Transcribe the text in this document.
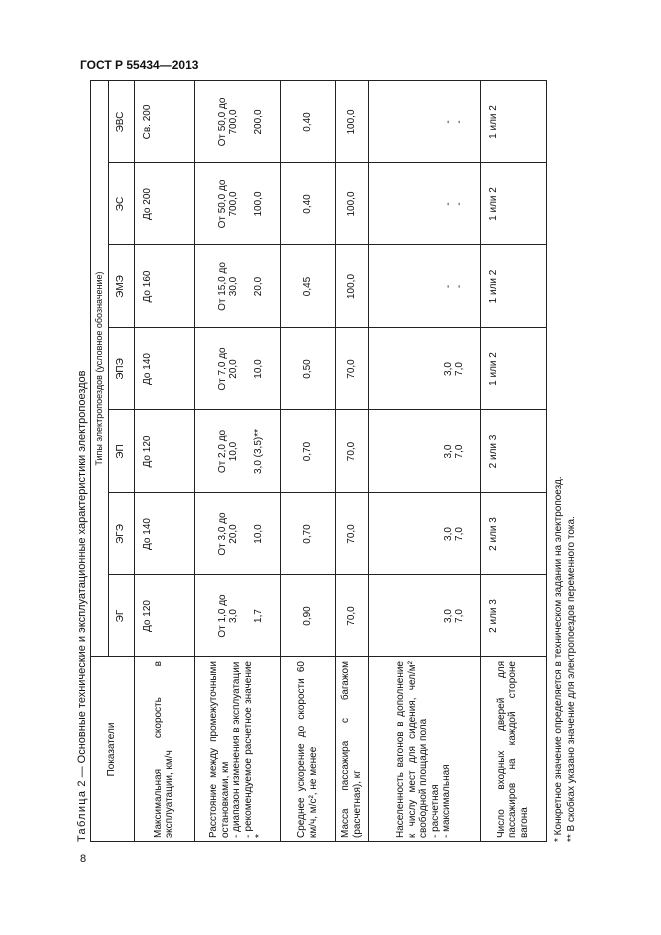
ГОСТ Р 55434—2013
8
Таблица 2 — Основные технические и эксплуатационные характеристики электропоездов	Показатели
Типы электропоездов (условное обозначение)
ЭГ
ЭГЭ
ЭП
ЭПЭ
ЭМЭ
ЭС
ЭВС
Максимальная скорость в эксплуатации, км/ч
До 120
До 140
До 120
До 140
До 160
До 200
Св. 200
Расстояние между промежуточными остановками, км - диапазон изменения в эксплуатации - рекомендуемое расчетное значение *
От 1,0 до
3,0
От 3,0 до
20,0
От 2,0 до
10,0
От 7,0 до
20,0
От 15,0 до
30,0
От 50,0 до
700,0
От 50,0 до
700,0
1,7
10,0
3,0 (3,5)**
10,0
20,0
100,0
200,0
Среднее ускорение до скорости 60 км/ч, м/с², не менее
0,90
0,70
0,70
0,50
0,45
0,40
0,40
Масса пассажира с багажом (расчетная), кг
70,0
70,0
70,0
70,0
100,0
100,0
100,0
Населенность вагонов в дополнение к числу мест для сидения, чел/м² свободной площади пола - расчетная - максимальная
3,0
7,0
3,0
7,0
3,0
7,0
3,0
7,0
-
-
-
-
-
-
Число входных дверей для пассажиров на каждой стороне вагона
2 или 3
2 или 3
2 или 3
1 или 2
1 или 2
1 или 2
1 или 2
* Конкретное значение определяется в техническом задании на электропоезд. ** В скобках указано значение для электропоездов переменного тока.
